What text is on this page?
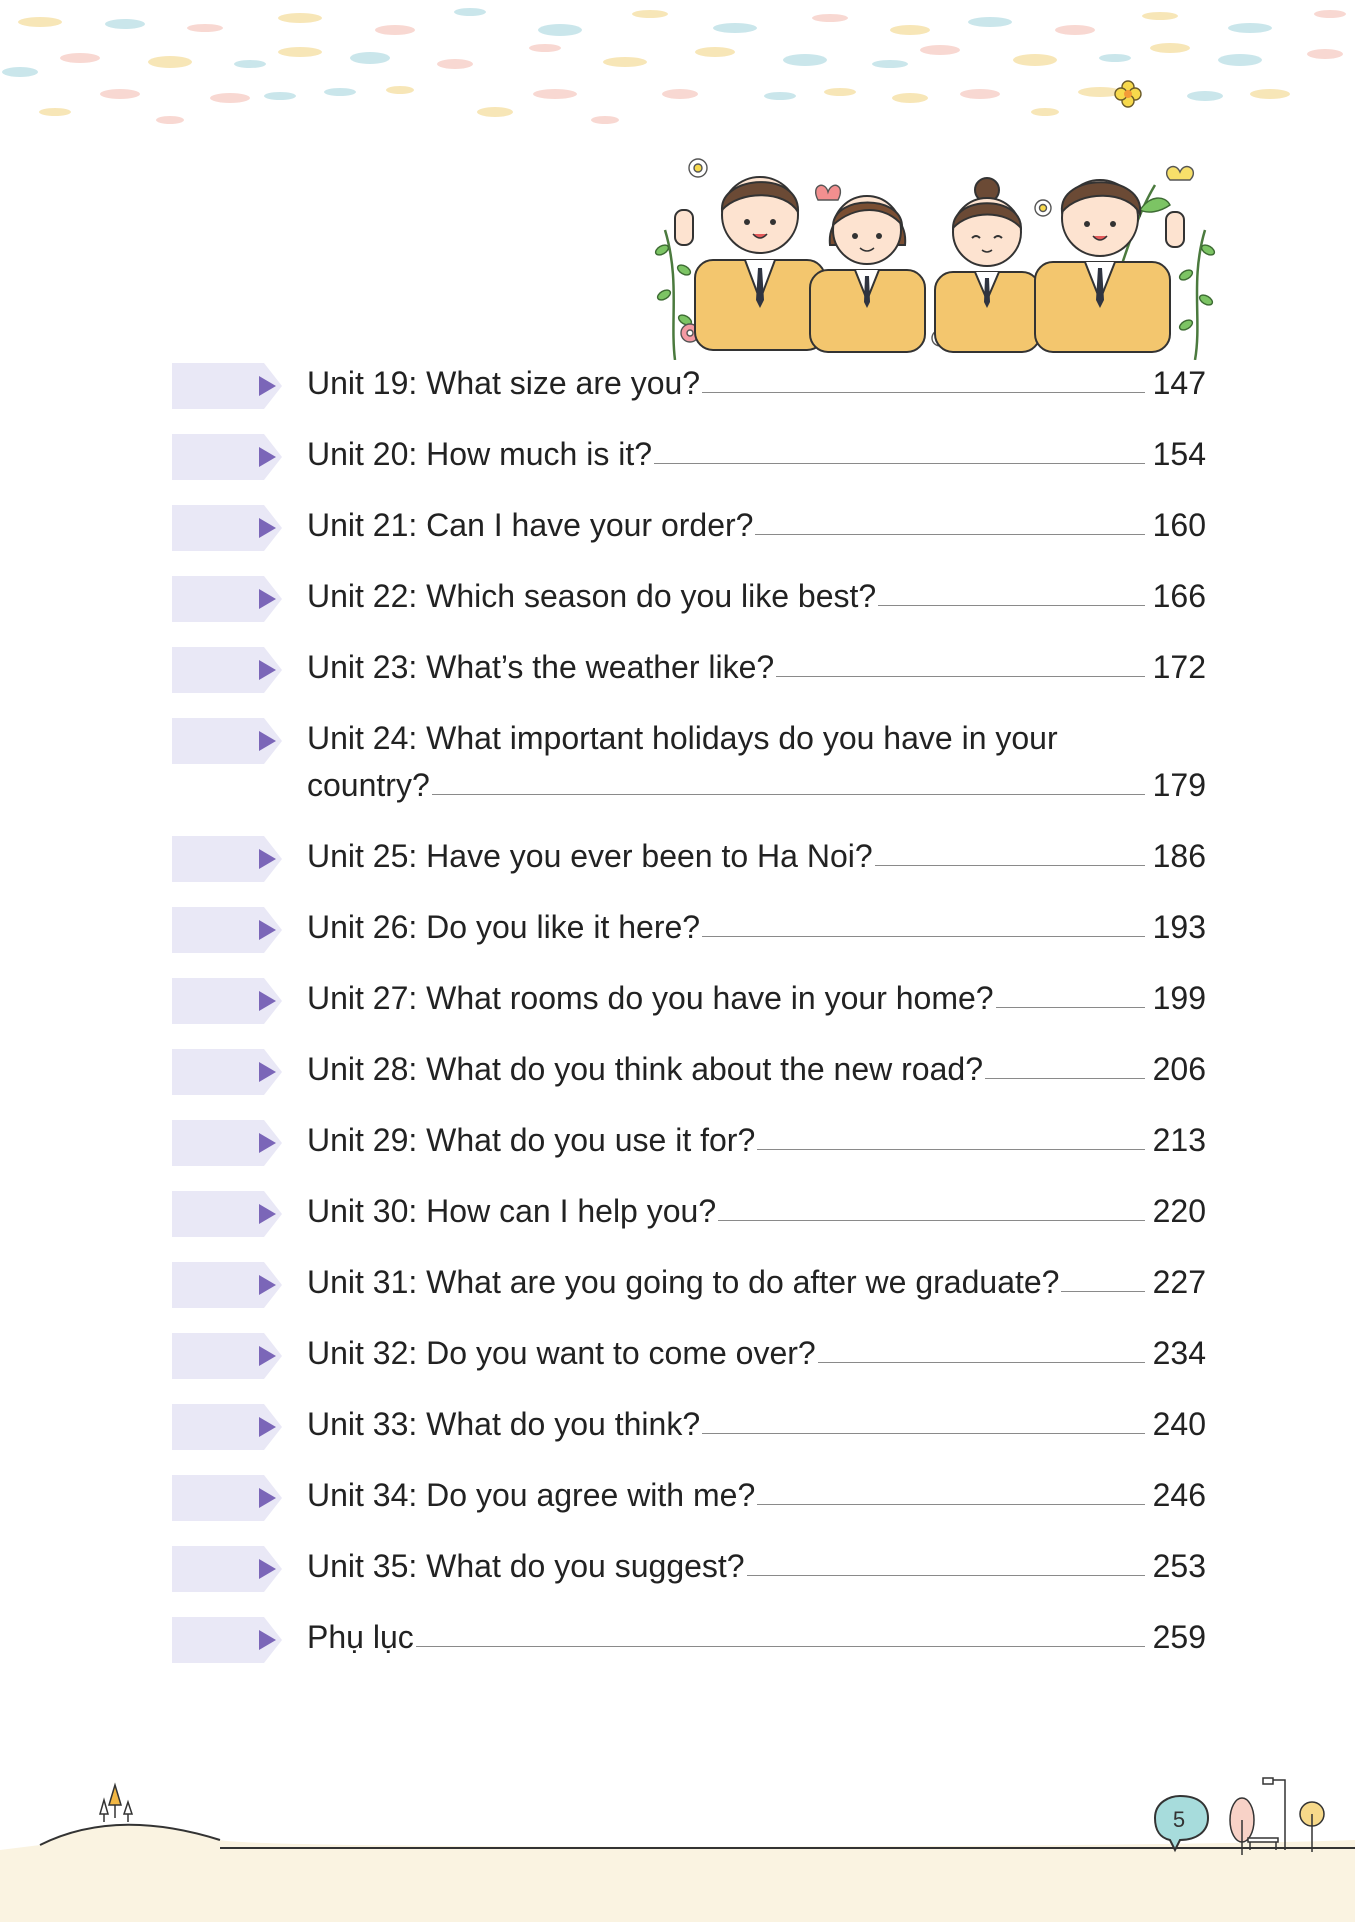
Unit 19: What size are you?	147
Unit 20: How much is it?	154
Unit 21: Can I have your order?	160
Unit 22: Which season do you like best?	166
Unit 23: What’s the weather like?	172
Unit 24: What important holidays do you have in your
country?	179
Unit 25: Have you ever been to Ha Noi?	186
Unit 26: Do you like it here?	193
Unit 27: What rooms do you have in your home?	199
Unit 28: What do you think about the new road?	206
Unit 29: What do you use it for?	213
Unit 30: How can I help you?	220
Unit 31: What are you going to do after we graduate?	227
Unit 32: Do you want to come over?	234
Unit 33: What do you think?	240
Unit 34: Do you agree with me?	246
Unit 35: What do you suggest?	253
Phụ lục	259
5
